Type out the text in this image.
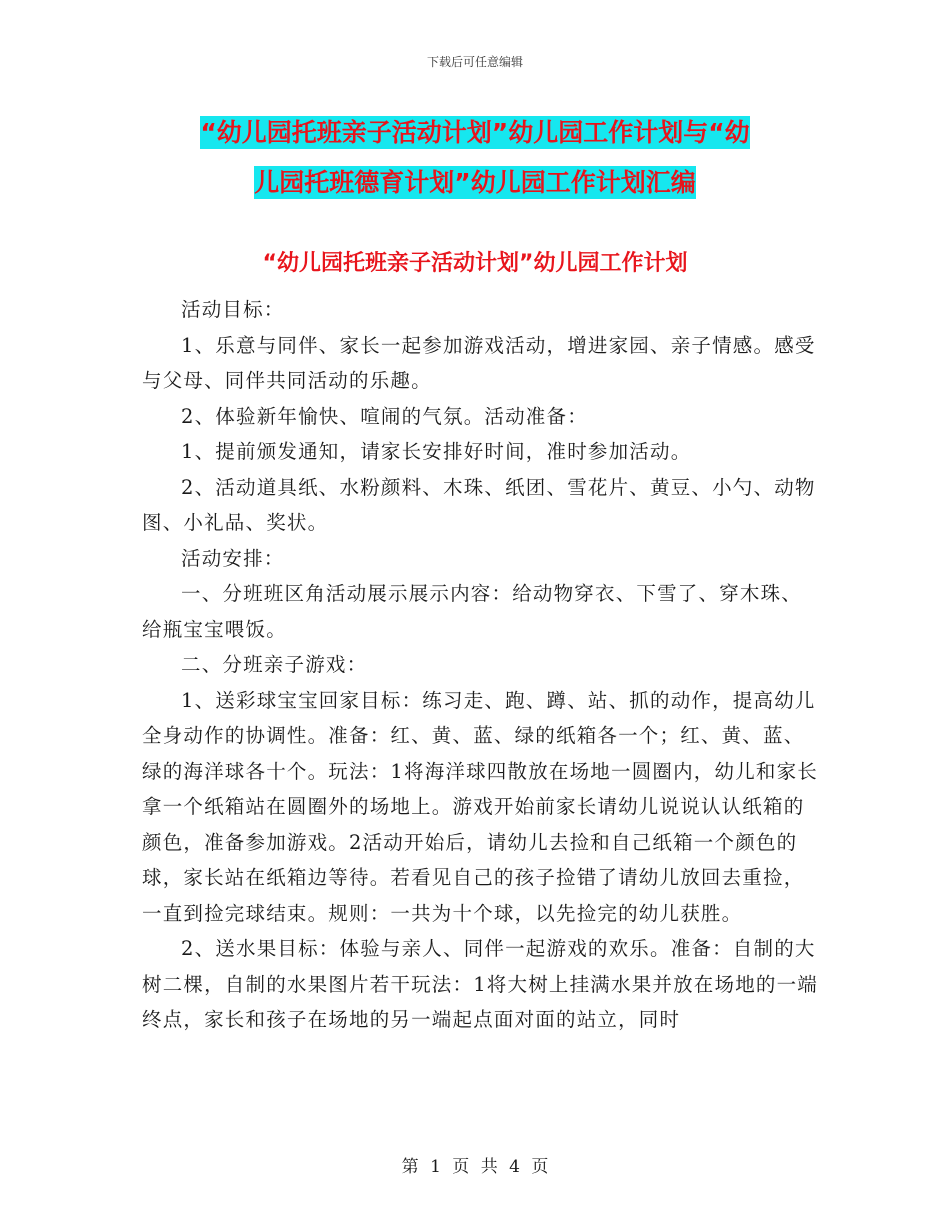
下载后可任意编辑
“幼儿园托班亲子活动计划”幼儿园工作计划与“幼
儿园托班德育计划”幼儿园工作计划汇编
“幼儿园托班亲子活动计划”幼儿园工作计划

活动目标：

1、乐意与同伴、家长一起参加游戏活动，增进家园、亲子情感。感受与父母、同伴共同活动的乐趣。

2、体验新年愉快、喧闹的气氛。活动准备：

1、提前颁发通知，请家长安排好时间，准时参加活动。

2、活动道具纸、水粉颜料、木珠、纸团、雪花片、黄豆、小勺、动物图、小礼品、奖状。

活动安排：

一、分班班区角活动展示展示内容：给动物穿衣、下雪了、穿木珠、给瓶宝宝喂饭。

二、分班亲子游戏：

1、送彩球宝宝回家目标：练习走、跑、蹲、站、抓的动作，提高幼儿全身动作的协调性。准备：红、黄、蓝、绿的纸箱各一个；红、黄、蓝、绿的海洋球各十个。玩法：1将海洋球四散放在场地一圆圈内，幼儿和家长拿一个纸箱站在圆圈外的场地上。游戏开始前家长请幼儿说说认认纸箱的颜色，准备参加游戏。2活动开始后，请幼儿去捡和自己纸箱一个颜色的球，家长站在纸箱边等待。若看见自己的孩子捡错了请幼儿放回去重捡，一直到捡完球结束。规则：一共为十个球，以先捡完的幼儿获胜。

2、送水果目标：体验与亲人、同伴一起游戏的欢乐。准备：自制的大树二棵，自制的水果图片若干玩法：1将大树上挂满水果并放在场地的一端终点，家长和孩子在场地的另一端起点面对面的站立，同时

第 1 页 共 4 页
